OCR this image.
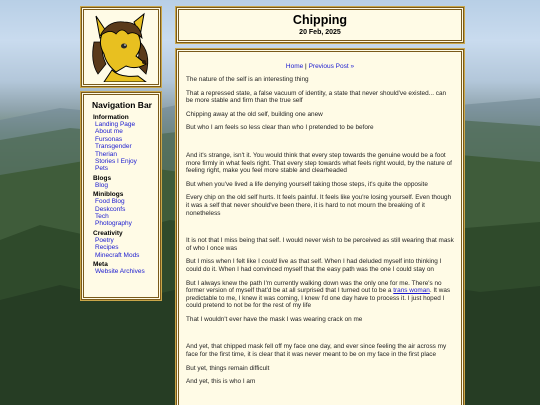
Navigation Bar
Information
Landing Page
About me
Fursonas
Transgender
Therian
Stories I Enjoy
Pets
Blogs
Blog
Miniblogs
Food Blog
Deskconfs
Tech
Photography
Creativity
Poetry
Recipes
Minecraft Mods
Meta
Website Archives
Chipping
20 Feb, 2025
Home | Previous Post »

The nature of the self is an interesting thing

That a repressed state, a false vacuum of identity, a state that never should've existed... can be more stable and firm than the true self

Chipping away at the old self, building one anew

But who I am feels so less clear than who I pretended to be before

And it's strange, isn't it. You would think that every step towards the genuine would be a foot more firmly in what feels right. That every step towards what feels right would, by the nature of feeling right, make you feel more stable and clearheaded

But when you've lived a life denying yourself taking those steps, it's quite the opposite

Every chip on the old self hurts. It feels painful. It feels like you're losing yourself. Even though it was a self that never should've been there, it is hard to not mourn the breaking of it nonetheless

It is not that I miss being that self. I would never wish to be perceived as still wearing that mask of who I once was

But I miss when I felt like I could live as that self. When I had deluded myself into thinking I could do it. When I had convinced myself that the easy path was the one I could stay on

But I always knew the path I'm currently walking down was the only one for me. There's no former version of myself that'd be at all surprised that I turned out to be a trans woman. It was predictable to me, I knew it was coming, I knew I'd one day have to process it. I just hoped I could pretend to not be for the rest of my life

That I wouldn't ever have the mask I was wearing crack on me

And yet, that chipped mask fell off my face one day, and ever since feeling the air across my face for the first time, it is clear that it was never meant to be on my face in the first place

But yet, things remain difficult

And yet, this is who I am
